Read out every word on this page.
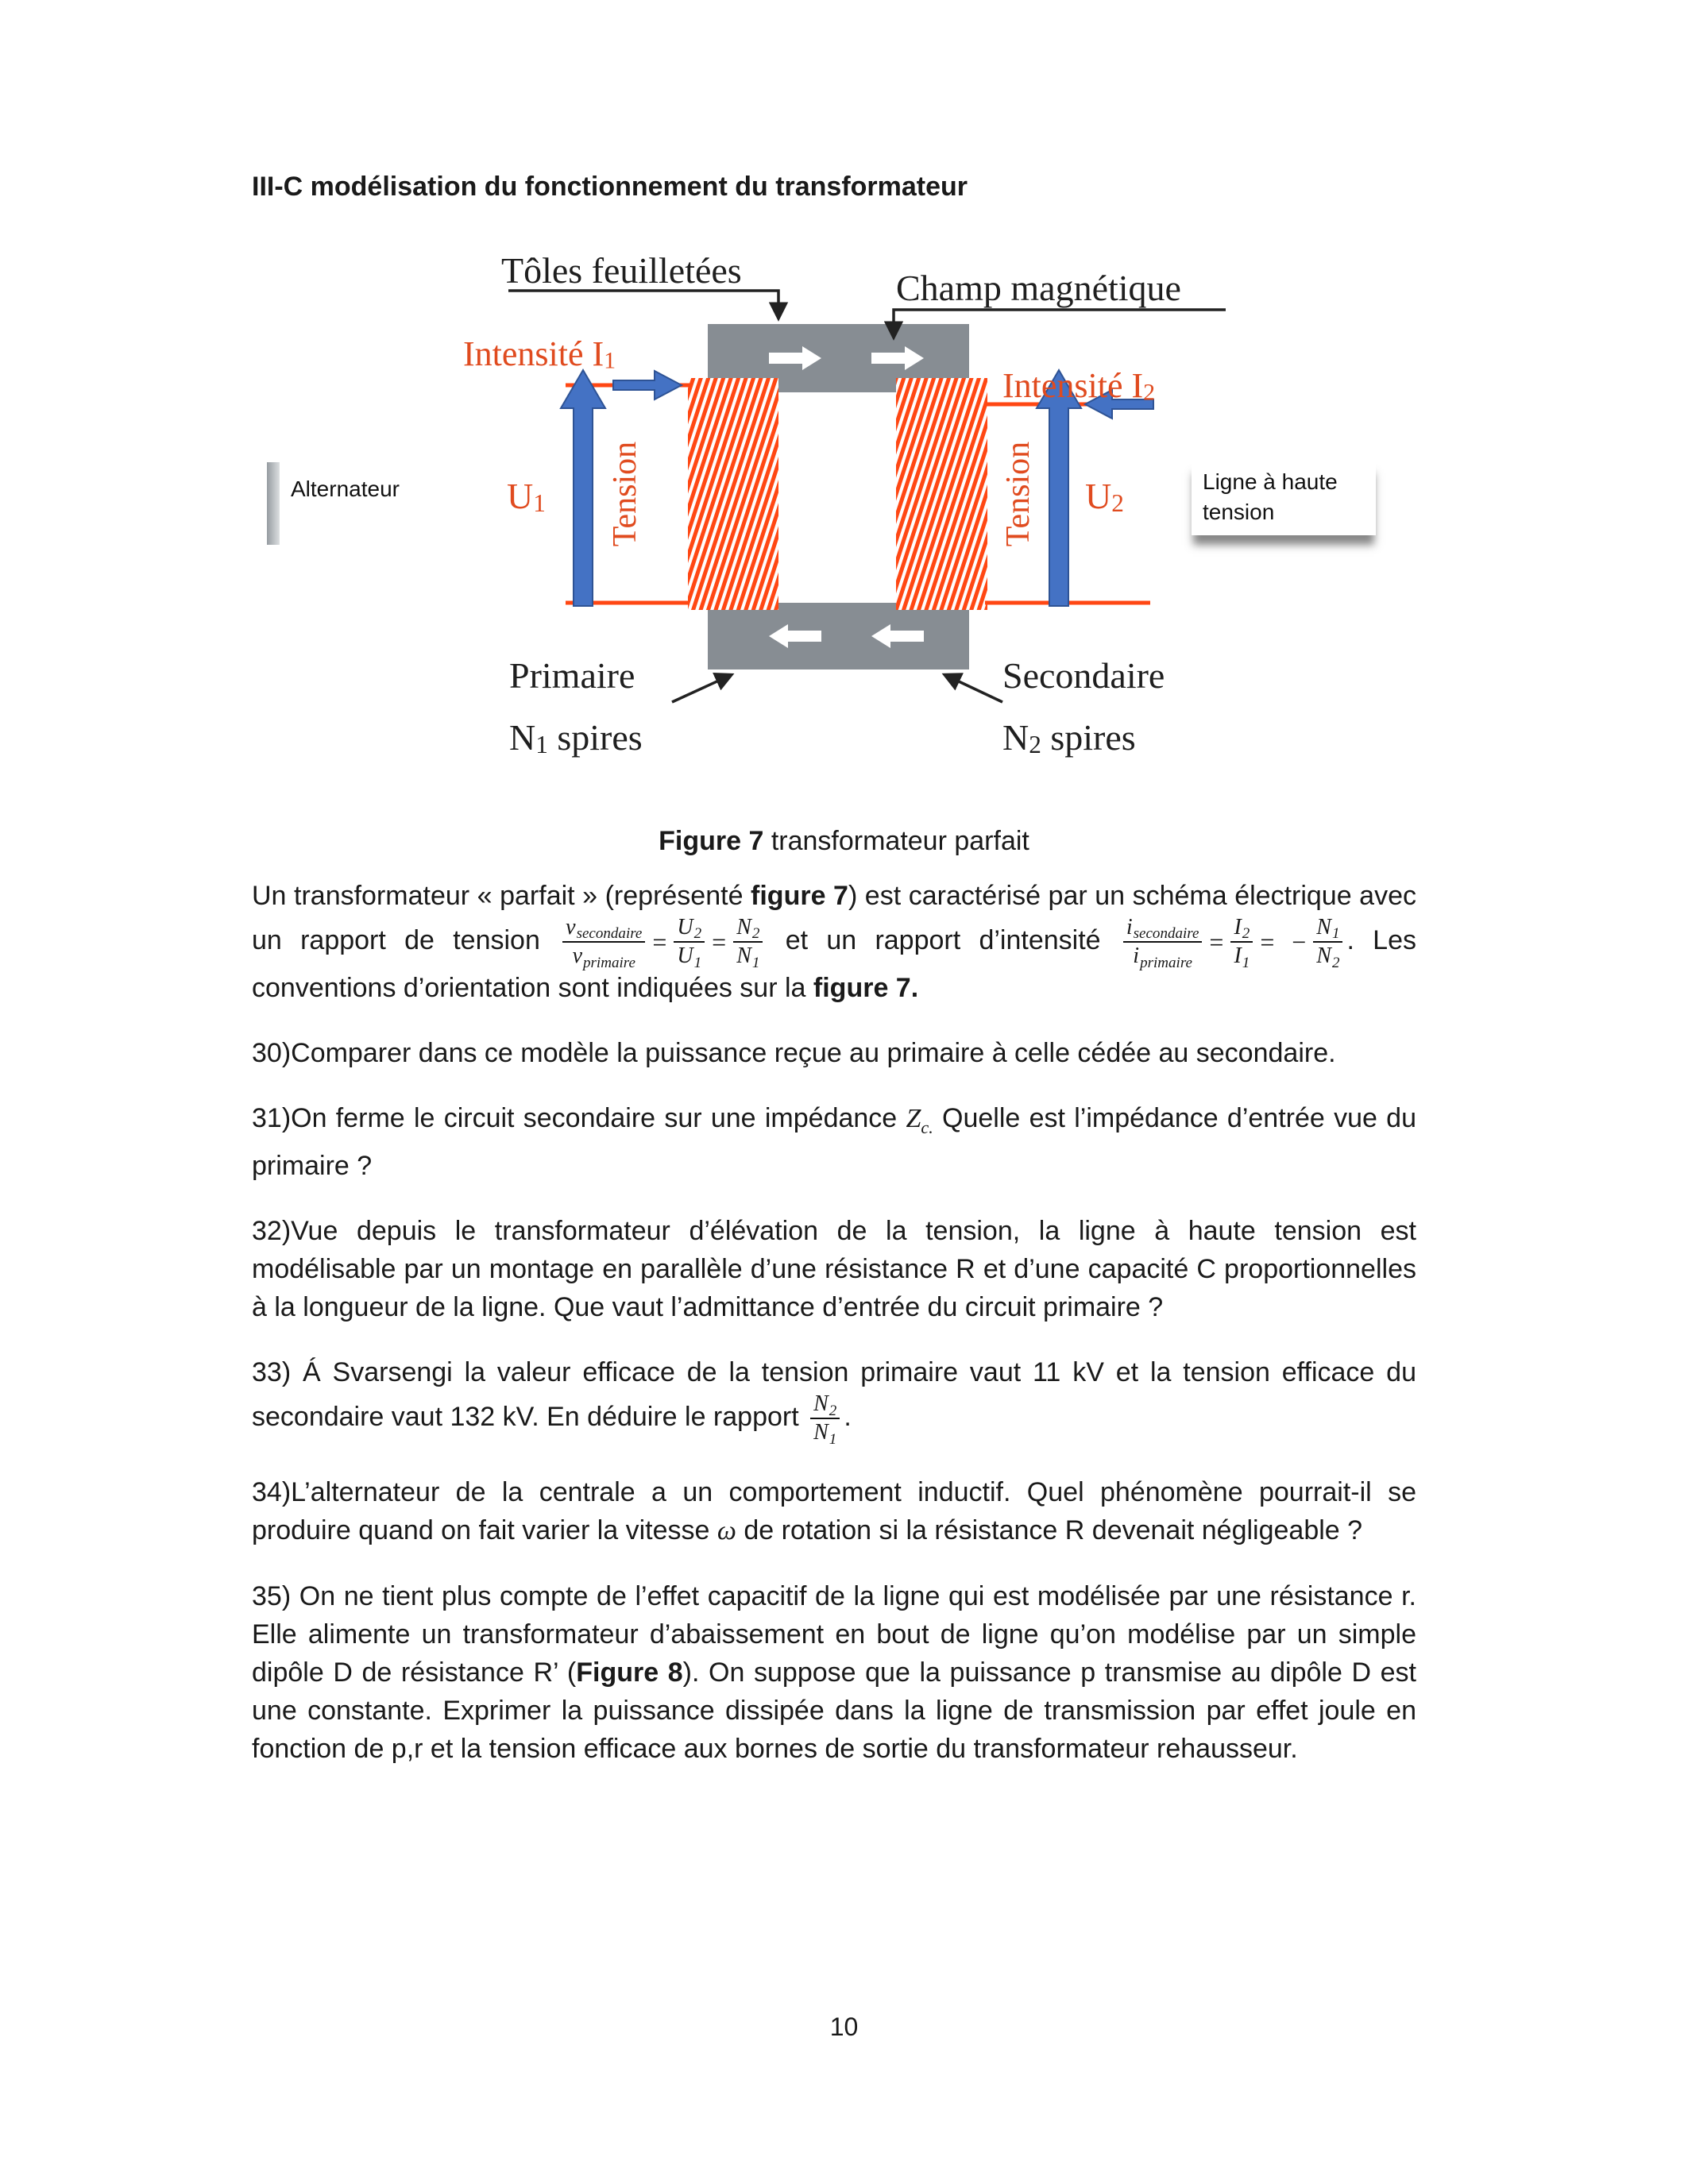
III-C modélisation du fonctionnement du transformateur
Tôles feuilletées	Champ magnétique
Intensité $I_1$
Intensité $I_2$
Alternateur	$U_1$ Tension	Tension $U_2$
Ligne à haute tension
Primaire
$N_1$ spires
Secondaire
$N_2$ spires
Figure 7 transformateur parfait

Un transformateur « parfait » (représenté figure 7) est caractérisé par un schéma électrique avec un rapport de tension $\frac{\text{vsecondaire}}{\text{vprimaire}} = \frac{U2}{U1} = \frac{N2}{N1}$ et un rapport d’intensité $\frac{\text{isecondaire}}{\text{iprimaire}} = \frac{I2}{I1}$ = − $\frac{N1}{N2}$ . Les conventions d’orientation sont indiquées sur la figure 7.

30)Comparer dans ce modèle la puissance reçue au primaire à celle cédée au secondaire.

31)On ferme le circuit secondaire sur une impédance $Z_{c.}$ Quelle est l’impédance d’entrée vue du primaire ?

32)Vue depuis le transformateur d’élévation de la tension, la ligne à haute tension est modélisable par un montage en parallèle d’une résistance R et d’une capacité C proportionnelles à la longueur de la ligne. Que vaut l’admittance d’entrée du circuit primaire ?

33) Á Svarsengi la valeur efficace de la tension primaire vaut 11 kV et la tension efficace du secondaire vaut 132 kV. En déduire le rapport $\frac{N2}{N1}$ .

34)L’alternateur de la centrale a un comportement inductif. Quel phénomène pourrait-il se produire quand on fait varier la vitesse ω de rotation si la résistance R devenait négligeable ?

35) On ne tient plus compte de l’effet capacitif de la ligne qui est modélisée par une résistance r. Elle alimente un transformateur d’abaissement en bout de ligne qu’on modélise par un simple dipôle D de résistance R’ (Figure 8). On suppose que la puissance p transmise au dipôle D est une constante. Exprimer la puissance dissipée dans la ligne de transmission par effet joule en fonction de p,r et la tension efficace aux bornes de sortie du transformateur rehausseur.

10
